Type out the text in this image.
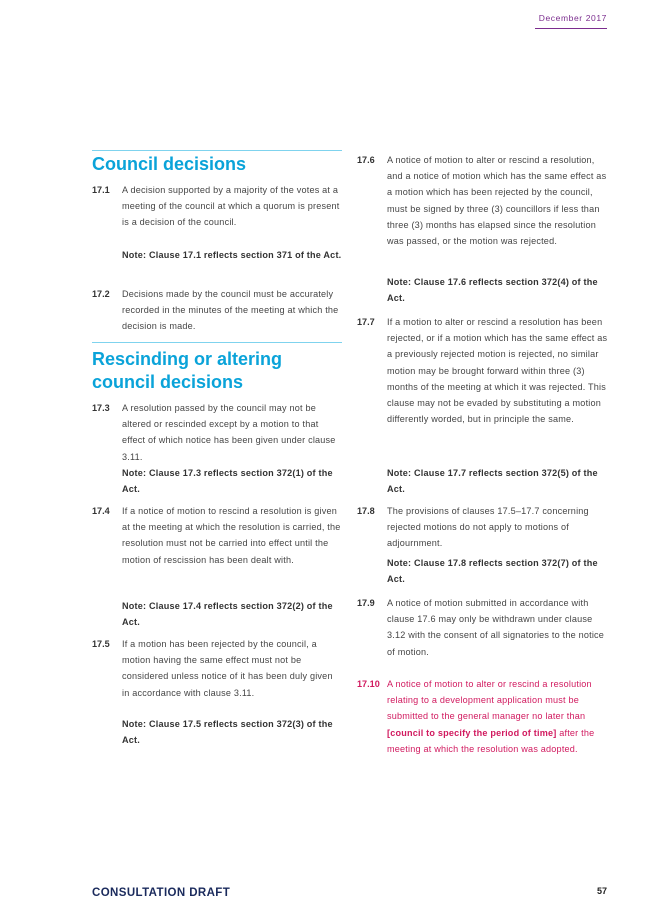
December 2017
Council decisions
17.1 A decision supported by a majority of the votes at a meeting of the council at which a quorum is present is a decision of the council.
Note: Clause 17.1 reflects section 371 of the Act.
17.2 Decisions made by the council must be accurately recorded in the minutes of the meeting at which the decision is made.
Rescinding or altering council decisions
17.3 A resolution passed by the council may not be altered or rescinded except by a motion to that effect of which notice has been given under clause 3.11.
Note: Clause 17.3 reflects section 372(1) of the Act.
17.4 If a notice of motion to rescind a resolution is given at the meeting at which the resolution is carried, the resolution must not be carried into effect until the motion of rescission has been dealt with.
Note: Clause 17.4 reflects section 372(2) of the Act.
17.5 If a motion has been rejected by the council, a motion having the same effect must not be considered unless notice of it has been duly given in accordance with clause 3.11.
Note: Clause 17.5 reflects section 372(3) of the Act.
17.6 A notice of motion to alter or rescind a resolution, and a notice of motion which has the same effect as a motion which has been rejected by the council, must be signed by three (3) councillors if less than three (3) months has elapsed since the resolution was passed, or the motion was rejected.
Note: Clause 17.6 reflects section 372(4) of the Act.
17.7 If a motion to alter or rescind a resolution has been rejected, or if a motion which has the same effect as a previously rejected motion is rejected, no similar motion may be brought forward within three (3) months of the meeting at which it was rejected. This clause may not be evaded by substituting a motion differently worded, but in principle the same.
Note: Clause 17.7 reflects section 372(5) of the Act.
17.8 The provisions of clauses 17.5–17.7 concerning rejected motions do not apply to motions of adjournment.
Note: Clause 17.8 reflects section 372(7) of the Act.
17.9 A notice of motion submitted in accordance with clause 17.6 may only be withdrawn under clause 3.12 with the consent of all signatories to the notice of motion.
17.10 A notice of motion to alter or rescind a resolution relating to a development application must be submitted to the general manager no later than [council to specify the period of time] after the meeting at which the resolution was adopted.
CONSULTATION DRAFT	57
